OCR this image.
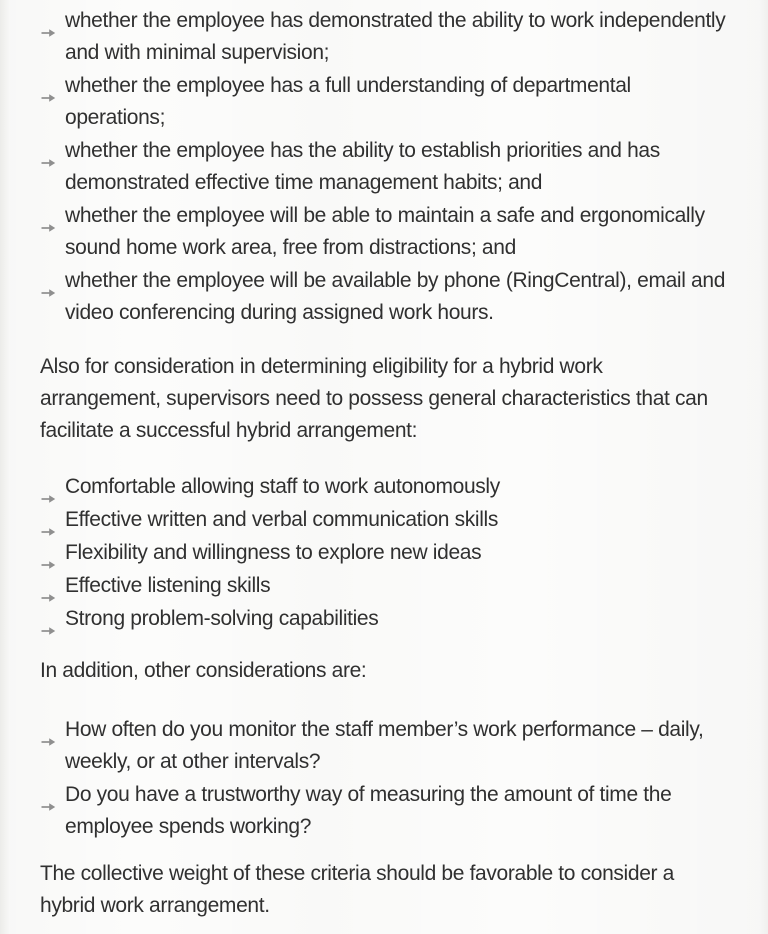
whether the employee has demonstrated the ability to work independently
and with minimal supervision;
whether the employee has a full understanding of departmental
operations;
whether the employee has the ability to establish priorities and has
demonstrated effective time management habits; and
whether the employee will be able to maintain a safe and ergonomically
sound home work area, free from distractions; and
whether the employee will be available by phone (RingCentral), email and
video conferencing during assigned work hours.

Also for consideration in determining eligibility for a hybrid work
arrangement, supervisors need to possess general characteristics that can
facilitate a successful hybrid arrangement:

Comfortable allowing staff to work autonomously
Effective written and verbal communication skills
Flexibility and willingness to explore new ideas
Effective listening skills
Strong problem-solving capabilities

In addition, other considerations are:

How often do you monitor the staff member’s work performance – daily,
weekly, or at other intervals?
Do you have a trustworthy way of measuring the amount of time the
employee spends working?

The collective weight of these criteria should be favorable to consider a
hybrid work arrangement.
